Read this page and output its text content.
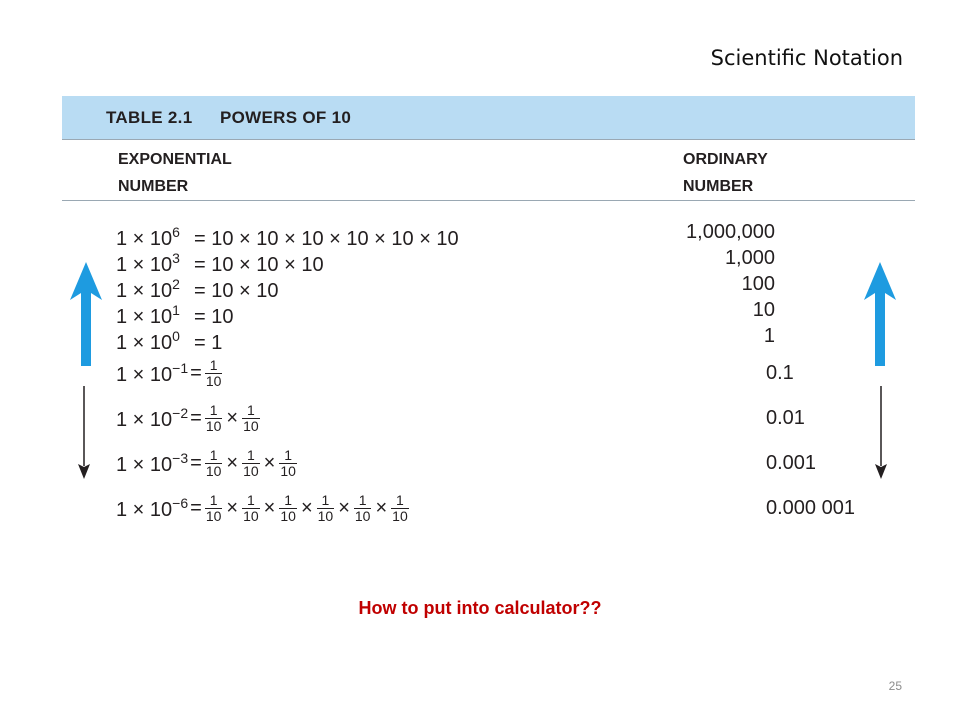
Scientific Notation
TABLE 2.1 POWERS OF 10
EXPONENTIAL
NUMBER
ORDINARY
NUMBER
$1 \times 10^6 = 10 \times 10 \times 10 \times 10 \times 10 \times 10$	1,000,000
$1 \times 10^3 = 10 \times 10 \times 10$	1,000
$1 \times 10^2 = 10 \times 10$	100
$1 \times 10^1 = 10$	10
$1 \times 10^0 = 1$	1
$1 \times 10^{-1} = \frac{1}{10}$	0.1
$1 \times 10^{-2} = \frac{1}{10} \times \frac{1}{10}$	0.01
$1 \times 10^{-3} = \frac{1}{10} \times \frac{1}{10} \times \frac{1}{10}$	0.001
$1 \times 10^{-6} = \frac{1}{10} \times \frac{1}{10} \times \frac{1}{10} \times \frac{1}{10} \times \frac{1}{10} \times \frac{1}{10}$	0.000 001
How to put into calculator??
25
